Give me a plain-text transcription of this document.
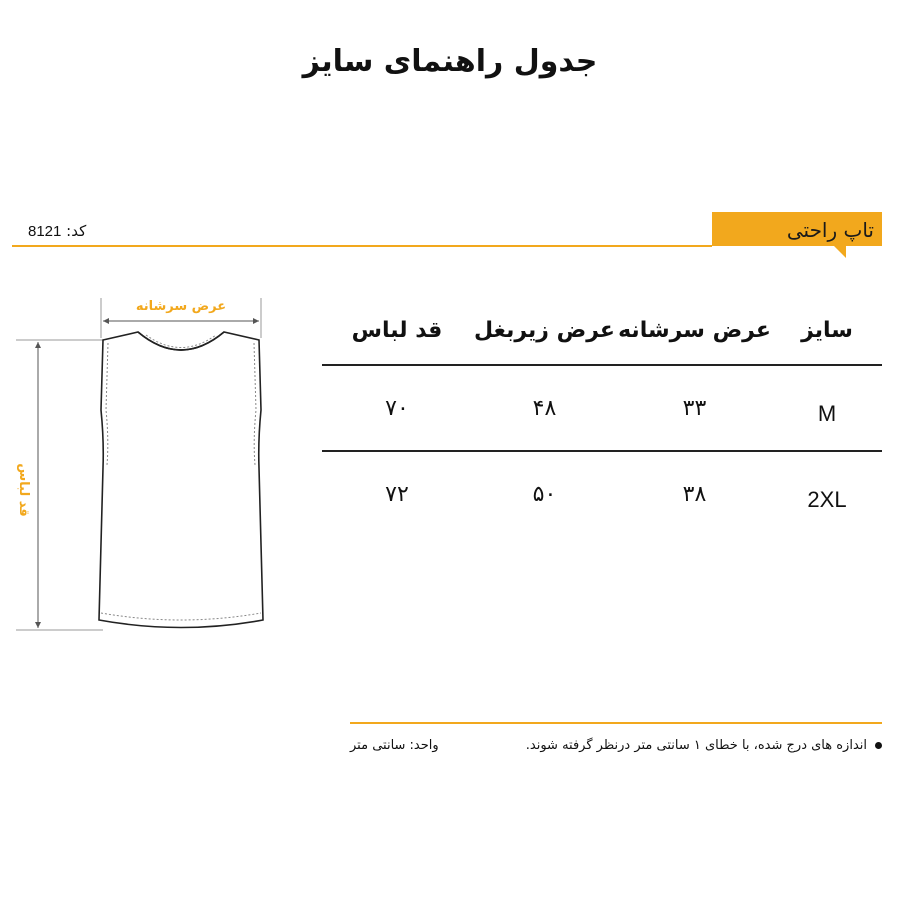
جدول راهنمای سایز
کد: 8121	تاپ راحتی
عرض سرشانه
قد لباس
سایز	عرض سرشانه	عرض زیربغل	قد لباس
M	۳۳	۴۸	۷۰
2XL	۳۸	۵۰	۷۲
اندازه های درج شده، با خطای ۱ سانتی متر درنظر گرفته شوند.
واحد: سانتی متر
